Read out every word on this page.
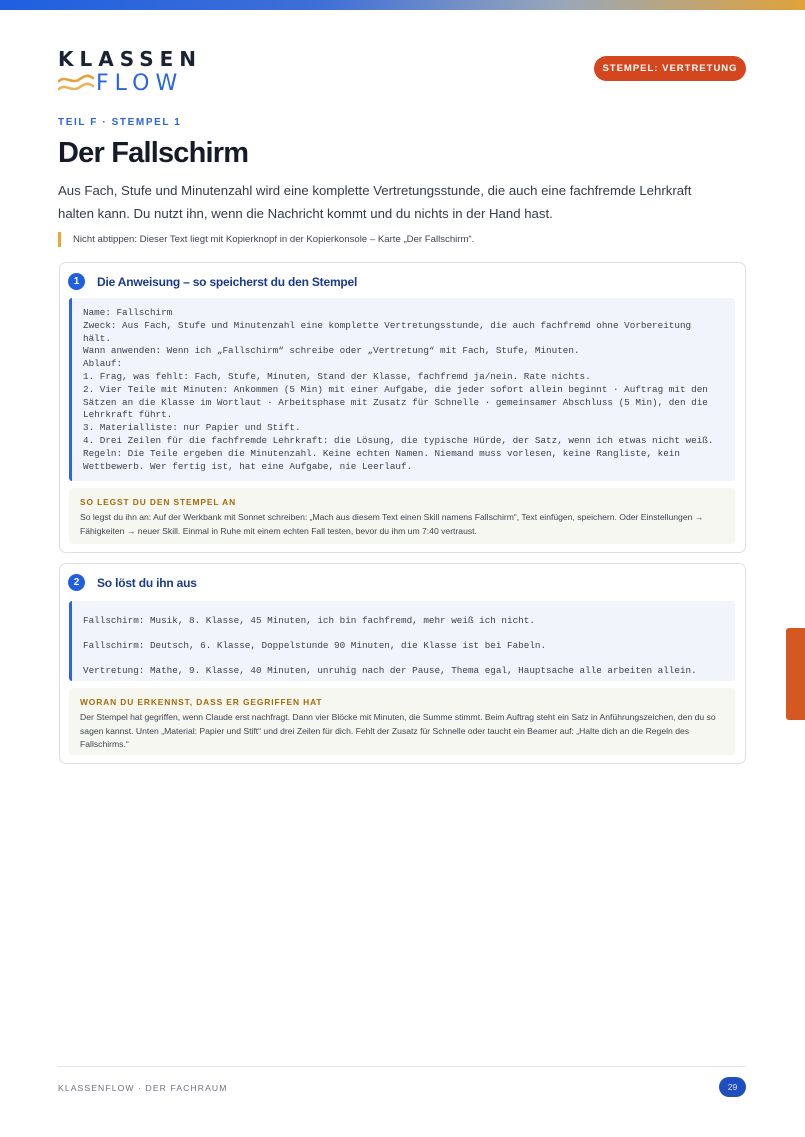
KLASSEN
FLOW
STEMPEL: VERTRETUNG
TEIL F · STEMPEL 1
Der Fallschirm

Aus Fach, Stufe und Minutenzahl wird eine komplette Vertretungsstunde, die auch eine fachfremde Lehrkraft halten kann. Du nutzt ihn, wenn die Nachricht kommt und du nichts in der Hand hast.

Nicht abtippen: Dieser Text liegt mit Kopierknopf in der Kopierkonsole – Karte „Der Fallschirm“.
1	Die Anweisung – so speicherst du den Stempel
Name: Fallschirm
Zweck: Aus Fach, Stufe und Minutenzahl eine komplette Vertretungsstunde, die auch fachfremd ohne Vorbereitung
hält.
Wann anwenden: Wenn ich „Fallschirm“ schreibe oder „Vertretung“ mit Fach, Stufe, Minuten.
Ablauf:
1. Frag, was fehlt: Fach, Stufe, Minuten, Stand der Klasse, fachfremd ja/nein. Rate nichts.
2. Vier Teile mit Minuten: Ankommen (5 Min) mit einer Aufgabe, die jeder sofort allein beginnt · Auftrag mit den
Sätzen an die Klasse im Wortlaut · Arbeitsphase mit Zusatz für Schnelle · gemeinsamer Abschluss (5 Min), den die
Lehrkraft führt.
3. Materialliste: nur Papier und Stift.
4. Drei Zeilen für die fachfremde Lehrkraft: die Lösung, die typische Hürde, der Satz, wenn ich etwas nicht weiß.
Regeln: Die Teile ergeben die Minutenzahl. Keine echten Namen. Niemand muss vorlesen, keine Rangliste, kein
Wettbewerb. Wer fertig ist, hat eine Aufgabe, nie Leerlauf.
SO LEGST DU DEN STEMPEL AN
So legst du ihn an: Auf der Werkbank mit Sonnet schreiben: „Mach aus diesem Text einen Skill namens Fallschirm“, Text einfügen, speichern. Oder Einstellungen → Fähigkeiten → neuer Skill. Einmal in Ruhe mit einem echten Fall testen, bevor du ihm um 7:40 vertraust.
2	So löst du ihn aus
Fallschirm: Musik, 8. Klasse, 45 Minuten, ich bin fachfremd, mehr weiß ich nicht.
Fallschirm: Deutsch, 6. Klasse, Doppelstunde 90 Minuten, die Klasse ist bei Fabeln.
Vertretung: Mathe, 9. Klasse, 40 Minuten, unruhig nach der Pause, Thema egal, Hauptsache alle arbeiten allein.
WORAN DU ERKENNST, DASS ER GEGRIFFEN HAT
Der Stempel hat gegriffen, wenn Claude erst nachfragt. Dann vier Blöcke mit Minuten, die Summe stimmt. Beim Auftrag steht ein Satz in Anführungszeichen, den du so sagen kannst. Unten „Material: Papier und Stift“ und drei Zeilen für dich. Fehlt der Zusatz für Schnelle oder taucht ein Beamer auf: „Halte dich an die Regeln des Fallschirms.“
KLASSENFLOW · DER FACHRAUM	29
